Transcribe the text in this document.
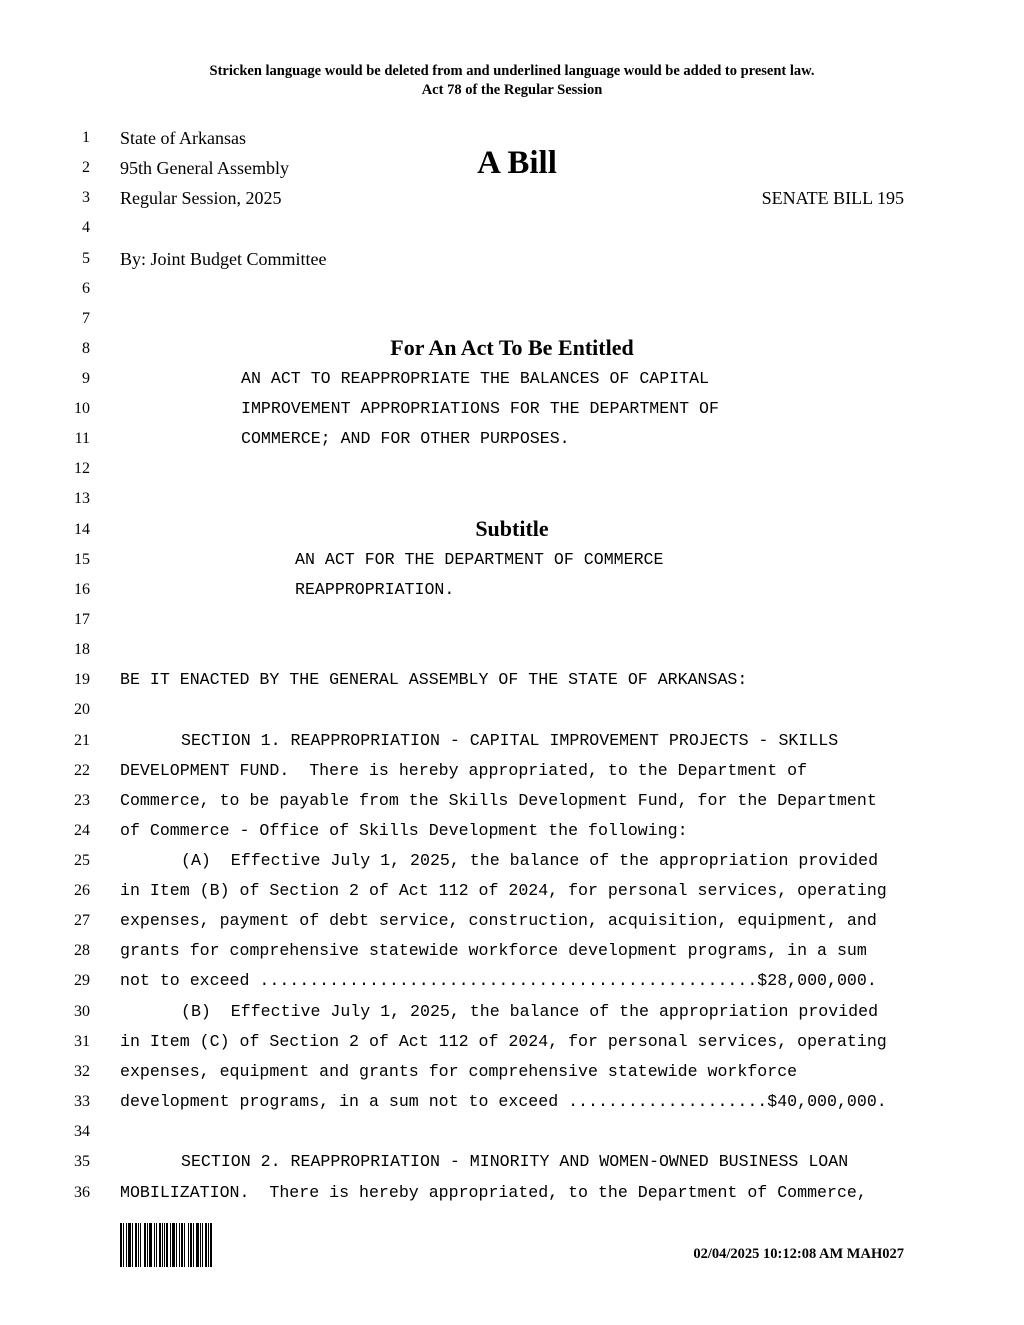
Stricken language would be deleted from and underlined language would be added to present law.
Act 78 of the Regular Session
1
2
3
4
5
6
7
8
9
10
11
12
13
14
15
16
17
18
19
20
21
22
23
24
25
26
27
28
29
30
31
32
33
34
35
36
State of Arkansas
95th General Assembly	A Bill
Regular Session, 2025	SENATE BILL 195
By: Joint Budget Committee
For An Act To Be Entitled
AN ACT TO REAPPROPRIATE THE BALANCES OF CAPITAL
IMPROVEMENT APPROPRIATIONS FOR THE DEPARTMENT OF
COMMERCE; AND FOR OTHER PURPOSES.
Subtitle
AN ACT FOR THE DEPARTMENT OF COMMERCE
REAPPROPRIATION.
BE IT ENACTED BY THE GENERAL ASSEMBLY OF THE STATE OF ARKANSAS:
SECTION 1. REAPPROPRIATION - CAPITAL IMPROVEMENT PROJECTS - SKILLS
DEVELOPMENT FUND.  There is hereby appropriated, to the Department of
Commerce, to be payable from the Skills Development Fund, for the Department
of Commerce - Office of Skills Development the following:
(A)  Effective July 1, 2025, the balance of the appropriation provided
in Item (B) of Section 2 of Act 112 of 2024, for personal services, operating
expenses, payment of debt service, construction, acquisition, equipment, and
grants for comprehensive statewide workforce development programs, in a sum
not to exceed ..................................................$28,000,000.
(B)  Effective July 1, 2025, the balance of the appropriation provided
in Item (C) of Section 2 of Act 112 of 2024, for personal services, operating
expenses, equipment and grants for comprehensive statewide workforce
development programs, in a sum not to exceed ....................$40,000,000.
SECTION 2. REAPPROPRIATION - MINORITY AND WOMEN-OWNED BUSINESS LOAN
MOBILIZATION.  There is hereby appropriated, to the Department of Commerce,
02/04/2025 10:12:08 AM MAH027
